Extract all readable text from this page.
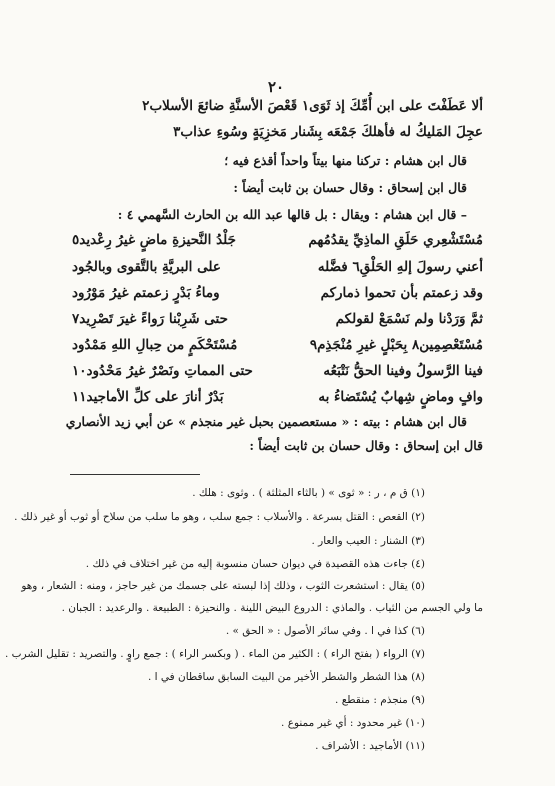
٢٠
ألا عَطَفْتَ على ابن أُمِّكَ إذ ثَوَى١ قَعْصَ الأسنَّةِ ضائعَ الأسلاب٢
عجِلَ المَليكُ له فأهلكَ جَمْعَه بِشَنار مَخزِيَةٍ وسُوءِ عذاب٣
قال ابن هشام : تركنا منها بيتاً واحداً أقذع فيه ؛
قال ابن إسحاق : وقال حسان بن ثابت أيضاً :
– قال ابن هشام : ويقال : بل قالها عبد الله بن الحارث السَّهمي ٤ :
مُسْتَشْعِري حَلَقِ الماذِيِّ يقدُمُهم
جَلْدُ النَّحيزةِ ماضٍ غيرُ رِعْديد٥
أعني رسولَ إلهِ الحَلْقِ٦ فضَّله
على البريَّةِ بالتَّقوى وبالجُود
وقد زعمتم بأن تحموا ذماركم
وماءُ بَدْرٍ زعمتم غيرُ مَوْرُود
ثمَّ وَرَدْنا ولم نَسْمَعْ لقولكم
حتى شَرِبْنا رَواءً غيرَ تَصْرِيد٧
مُسْتَعْصِمِين٨ بِحَبْلٍ غيرِ مُنْجَذِم٩
مُسْتَحْكَمٍ من حِبالِ اللهِ مَمْدُود
فينا الرَّسولُ وفينا الحقُّ نَتْبَعُه
حتى المماتِ ونَصْرٌ غيرُ مَحْدُود١٠
وافٍ وماضٍ شِهابٌ يُسْتَضاءُ به
بَدْرٌ أنارَ على كلِّ الأماجيد١١
قال ابن هشام : بيته : « مستعصمين بحبل غير منجذم » عن أبي زيد الأنصاري
قال ابن إسحاق : وقال حسان بن ثابت أيضاً :
(١) ق م ، ر : « ثوى » ( بالثاء المثلثة ) . وثوى : هلك .
(٢) القعص : القتل بسرعة . والأسلاب : جمع سلب ، وهو ما سلب من سلاح أو ثوب أو غير ذلك .
(٣) الشنار : العيب والعار .
(٤) جاءت هذه القصيدة في ديوان حسان منسوبة إليه من غير اختلاف في ذلك .
(٥) يقال : استشعرت الثوب ، وذلك إذا لبسته على جسمك من غير حاجز ، ومنه : الشعار ، وهو
ما ولي الجسم من الثياب . والماذي : الدروع البيض اللينة . والنحيزة : الطبيعة . والرعديد : الجبان .
(٦) كذا في ا . وفي سائر الأصول : « الحق » .
(٧) الرواء ( بفتح الراء ) : الكثير من الماء . ( وبكسر الراء ) : جمع راوٍ . والتصريد : تقليل الشرب .
(٨) هذا الشطر والشطر الأخير من البيت السابق ساقطان في ا .
(٩) منجذم : منقطع .
(١٠) غير محدود : أي غير ممنوع .
(١١) الأماجيد : الأشراف .
